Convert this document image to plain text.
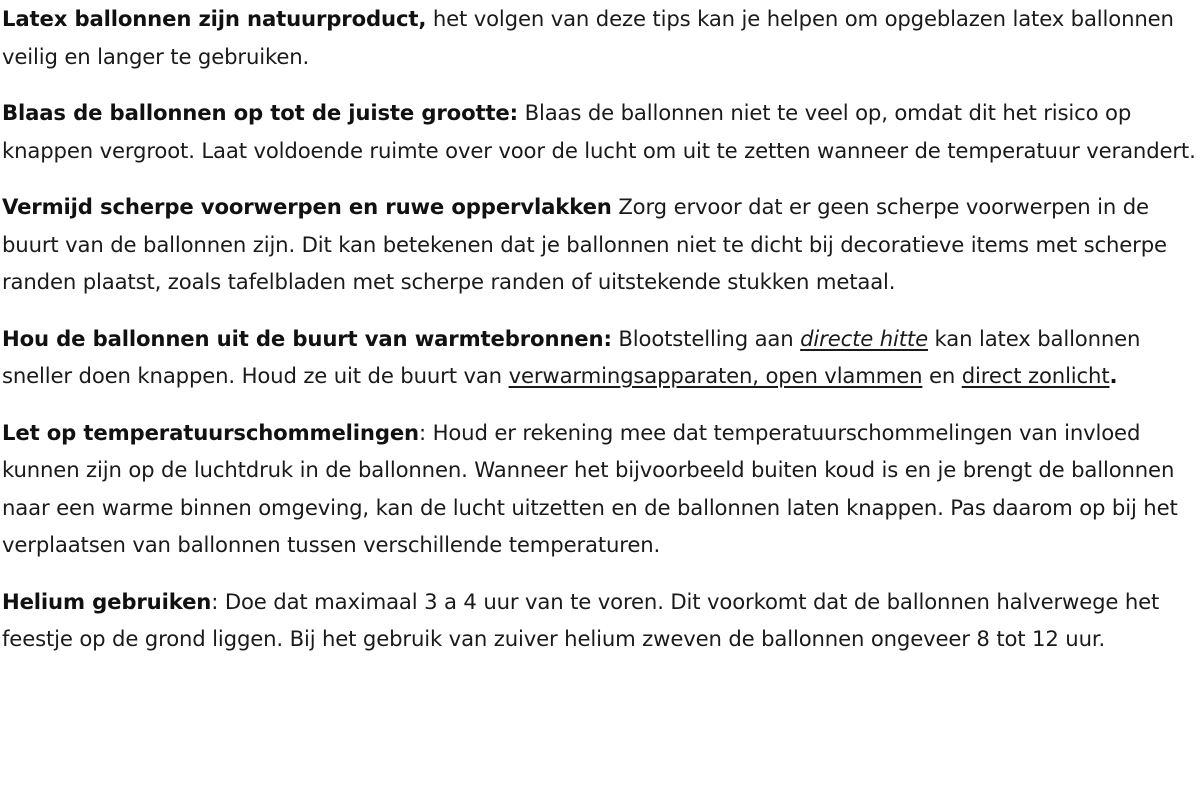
Latex ballonnen zijn natuurproduct, het volgen van deze tips kan je helpen om opgeblazen latex ballonnen veilig en langer te gebruiken.

Blaas de ballonnen op tot de juiste grootte: Blaas de ballonnen niet te veel op, omdat dit het risico op knappen vergroot. Laat voldoende ruimte over voor de lucht om uit te zetten wanneer de temperatuur verandert.

Vermijd scherpe voorwerpen en ruwe oppervlakken Zorg ervoor dat er geen scherpe voorwerpen in de buurt van de ballonnen zijn. Dit kan betekenen dat je ballonnen niet te dicht bij decoratieve items met scherpe randen plaatst, zoals tafelbladen met scherpe randen of uitstekende stukken metaal.

Hou de ballonnen uit de buurt van warmtebronnen: Blootstelling aan directe hitte kan latex ballonnen sneller doen knappen. Houd ze uit de buurt van verwarmingsapparaten, open vlammen en direct zonlicht.

Let op temperatuurschommelingen: Houd er rekening mee dat temperatuurschommelingen van invloed kunnen zijn op de luchtdruk in de ballonnen. Wanneer het bijvoorbeeld buiten koud is en je brengt de ballonnen naar een warme binnen omgeving, kan de lucht uitzetten en de ballonnen laten knappen. Pas daarom op bij het verplaatsen van ballonnen tussen verschillende temperaturen.

Helium gebruiken: Doe dat maximaal 3 a 4 uur van te voren. Dit voorkomt dat de ballonnen halverwege het feestje op de grond liggen. Bij het gebruik van zuiver helium zweven de ballonnen ongeveer 8 tot 12 uur.
